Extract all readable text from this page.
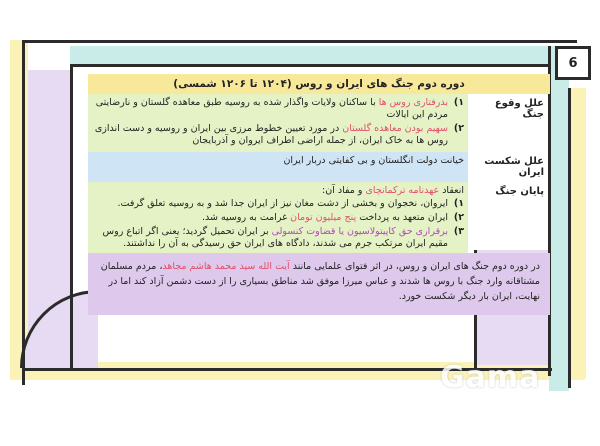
6
دوره دوم جنگ های ایران و روس (۱۲۰۴ تا ۱۲۰۶ شمسی)
علل وقوع جنگ
۱)
بدرفتاری روس ها با ساکنان ولایات واگذار شده به روسیه طبق معاهده گلستان و نارضایتی مردم این ایالات
۲)
سهیم بودن معاهده گلستان در مورد تعیین خطوط مرزی بین ایران و روسیه و دست اندازی روس ها به خاک ایران، از جمله اراضی اطراف ایروان و آذربایجان
علل شکست ایران
خیانت دولت انگلستان و بی کفایتی دربار ایران
پایان جنگ
انعقاد عهدنامه ترکمانچای و مفاد آن:
۱)
ایروان، نخجوان و بخشی از دشت مغان نیز از ایران جدا شد و به روسیه تعلق گرفت.
۲)
ایران متعهد به پرداخت پنج میلیون تومان غرامت به روسیه شد.
۳)
برقراری حق کاپیتولاسیون یا قضاوت کنسولی بر ایران تحمیل گردید؛ یعنی اگر اتباع روس مقیم ایران مرتکب جرم می شدند، دادگاه های ایران حق رسیدگی به آن را نداشتند.
در دوره دوم جنگ های ایران و روس، در اثر فتوای علمایی مانند آیت الله سید محمد هاشم مجاهد، مردم مسلمان مشتاقانه وارد جنگ با روس ها شدند و عباس میرزا موفق شد مناطق بسیاری را از دست دشمن آزاد کند اما در نهایت، ایران بار دیگر شکست خورد.
Gama
